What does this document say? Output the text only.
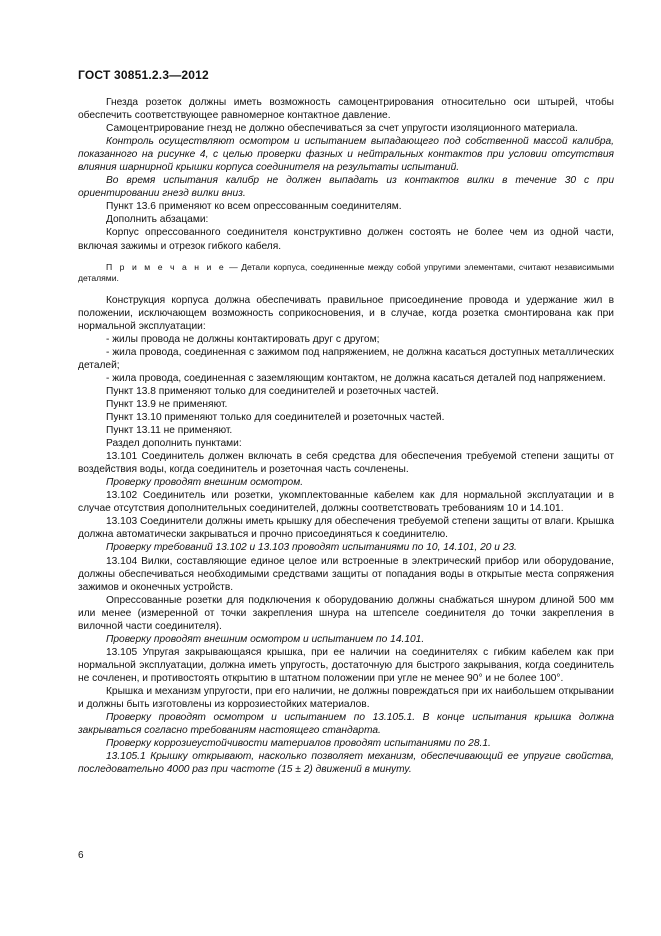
ГОСТ 30851.2.3—2012

Гнезда розеток должны иметь возможность самоцентрирования относительно оси штырей, чтобы обеспечить соответствующее равномерное контактное давление.

Самоцентрирование гнезд не должно обеспечиваться за счет упругости изоляционного материала.

Контроль осуществляют осмотром и испытанием выпадающего под собственной массой калибра, показанного на рисунке 4, с целью проверки фазных и нейтральных контактов при условии отсутствия влияния шарнирной крышки корпуса соединителя на результаты испытаний.

Во время испытания калибр не должен выпадать из контактов вилки в течение 30 с при ориентировании гнезд вилки вниз.

Пункт 13.6 применяют ко всем опрессованным соединителям.

Дополнить абзацами:

Корпус опрессованного соединителя конструктивно должен состоять не более чем из одной части, включая зажимы и отрезок гибкого кабеля.

П р и м е ч а н и е — Детали корпуса, соединенные между собой упругими элементами, считают независимыми деталями.

Конструкция корпуса должна обеспечивать правильное присоединение провода и удержание жил в положении, исключающем возможность соприкосновения, и в случае, когда розетка смонтирована как при нормальной эксплуатации:

- жилы провода не должны контактировать друг с другом;

- жила провода, соединенная с зажимом под напряжением, не должна касаться доступных металлических деталей;

- жила провода, соединенная с заземляющим контактом, не должна касаться деталей под напряжением.

Пункт 13.8 применяют только для соединителей и розеточных частей.

Пункт 13.9 не применяют.

Пункт 13.10 применяют только для соединителей и розеточных частей.

Пункт 13.11 не применяют.

Раздел дополнить пунктами:

13.101 Соединитель должен включать в себя средства для обеспечения требуемой степени защиты от воздействия воды, когда соединитель и розеточная часть сочленены.

Проверку проводят внешним осмотром.

13.102 Соединитель или розетки, укомплектованные кабелем как для нормальной эксплуатации и в случае отсутствия дополнительных соединителей, должны соответствовать требованиям 10 и 14.101.

13.103 Соединители должны иметь крышку для обеспечения требуемой степени защиты от влаги. Крышка должна автоматически закрываться и прочно присоединяться к соединителю.

Проверку требований 13.102 и 13.103 проводят испытаниями по 10, 14.101, 20 и 23.

13.104 Вилки, составляющие единое целое или встроенные в электрический прибор или оборудование, должны обеспечиваться необходимыми средствами защиты от попадания воды в открытые места сопряжения зажимов и оконечных устройств.

Опрессованные розетки для подключения к оборудованию должны снабжаться шнуром длиной 500 мм или менее (измеренной от точки закрепления шнура на штепселе соединителя до точки закрепления в вилочной части соединителя).

Проверку проводят внешним осмотром и испытанием по 14.101.

13.105 Упругая закрывающаяся крышка, при ее наличии на соединителях с гибким кабелем как при нормальной эксплуатации, должна иметь упругость, достаточную для быстрого закрывания, когда соединитель не сочленен, и противостоять открытию в штатном положении при угле не менее 90° и не более 100°.

Крышка и механизм упругости, при его наличии, не должны повреждаться при их наибольшем открывании и должны быть изготовлены из коррозиестойких материалов.

Проверку проводят осмотром и испытанием по 13.105.1. В конце испытания крышка должна закрываться согласно требованиям настоящего стандарта.

Проверку коррозиеустойчивости материалов проводят испытаниями по 28.1.

13.105.1 Крышку открывают, насколько позволяет механизм, обеспечивающий ее упругие свойства, последовательно 4000 раз при частоте (15 ± 2) движений в минуту.

6
